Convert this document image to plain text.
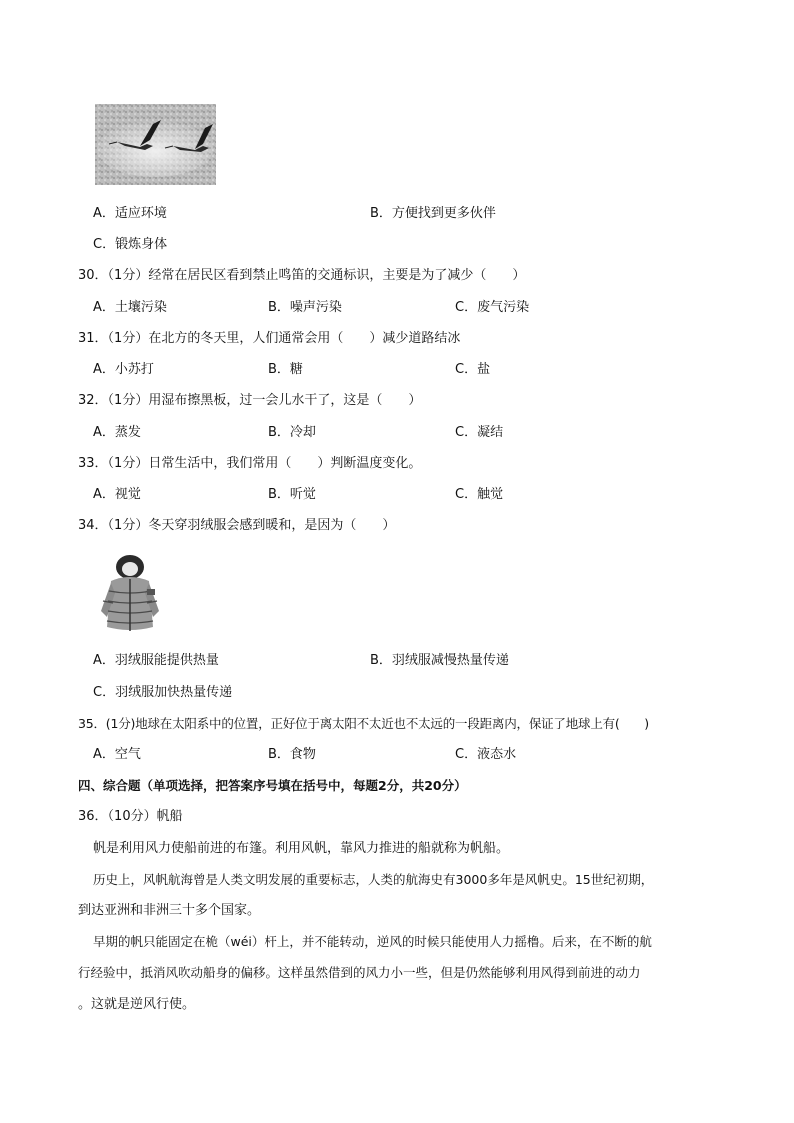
A．适应环境	B．方便找到更多伙伴
C．锻炼身体
30．（1分）经常在居民区看到禁止鸣笛的交通标识，主要是为了减少（　　）
A．土壤污染	B．噪声污染	C．废气污染
31．（1分）在北方的冬天里，人们通常会用（　　）减少道路结冰
A．小苏打	B．糖	C．盐
32．（1分）用湿布擦黑板，过一会儿水干了，这是（　　）
A．蒸发	B．冷却	C．凝结
33．（1分）日常生活中，我们常用（　　）判断温度变化。
A．视觉	B．听觉	C．触觉
34．（1分）冬天穿羽绒服会感到暖和，是因为（　　）
A．羽绒服能提供热量	B．羽绒服减慢热量传递
C．羽绒服加快热量传递
35．(1分)地球在太阳系中的位置，正好位于离太阳不太近也不太远的一段距离内，保证了地球上有(　　)
A．空气	B．食物	C．液态水
四、综合题（单项选择，把答案序号填在括号中，每题2分，共20分）
36．（10分）帆船
帆是利用风力使船前进的布篷。利用风帆，靠风力推进的船就称为帆船。
历史上，风帆航海曾是人类文明发展的重要标志，人类的航海史有3000多年是风帆史。15世纪初期，
到达亚洲和非洲三十多个国家。
早期的帆只能固定在桅（wéi）杆上，并不能转动，逆风的时候只能使用人力摇橹。后来，在不断的航
行经验中，抵消风吹动船身的偏移。这样虽然借到的风力小一些，但是仍然能够利用风得到前进的动力
。这就是逆风行使。
